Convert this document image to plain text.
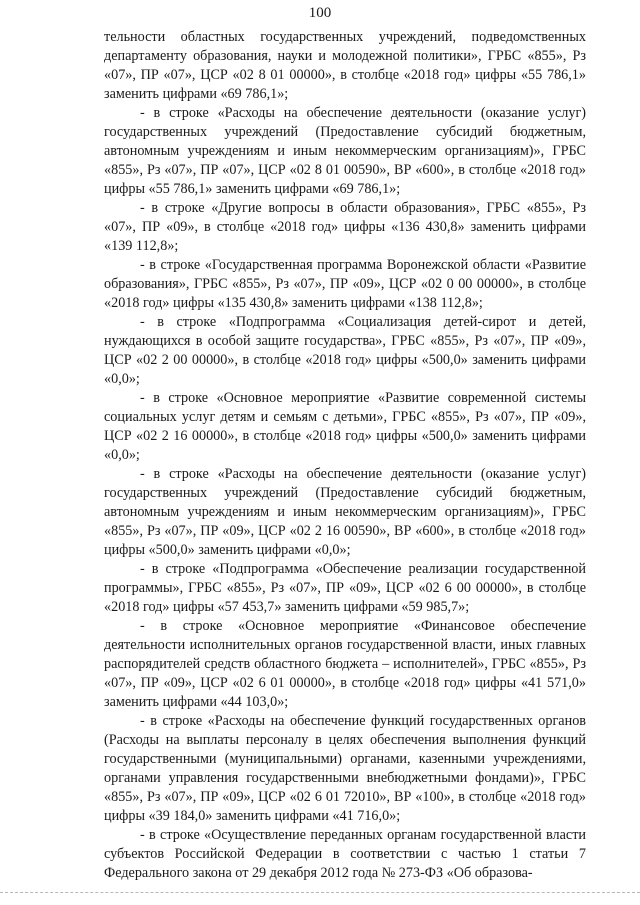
100

тельности областных государственных учреждений, подведомственных департаменту образования, науки и молодежной политики», ГРБС «855», Рз «07», ПР «07», ЦСР «02 8 01 00000», в столбце «2018 год» цифры «55 786,1» заменить цифрами «69 786,1»;

- в строке «Расходы на обеспечение деятельности (оказание услуг) государственных учреждений (Предоставление субсидий бюджетным, автономным учреждениям и иным некоммерческим организациям)», ГРБС «855», Рз «07», ПР «07», ЦСР «02 8 01 00590», ВР «600», в столбце «2018 год» цифры «55 786,1» заменить цифрами «69 786,1»;

- в строке «Другие вопросы в области образования», ГРБС «855», Рз «07», ПР «09», в столбце «2018 год» цифры «136 430,8» заменить цифрами «139 112,8»;

- в строке «Государственная программа Воронежской области «Развитие образования», ГРБС «855», Рз «07», ПР «09», ЦСР «02 0 00 00000», в столбце «2018 год» цифры «135 430,8» заменить цифрами «138 112,8»;

- в строке «Подпрограмма «Социализация детей-сирот и детей, нуждающихся в особой защите государства», ГРБС «855», Рз «07», ПР «09», ЦСР «02 2 00 00000», в столбце «2018 год» цифры «500,0» заменить цифрами «0,0»;

- в строке «Основное мероприятие «Развитие современной системы социальных услуг детям и семьям с детьми», ГРБС «855», Рз «07», ПР «09», ЦСР «02 2 16 00000», в столбце «2018 год» цифры «500,0» заменить цифрами «0,0»;

- в строке «Расходы на обеспечение деятельности (оказание услуг) государственных учреждений (Предоставление субсидий бюджетным, автономным учреждениям и иным некоммерческим организациям)», ГРБС «855», Рз «07», ПР «09», ЦСР «02 2 16 00590», ВР «600», в столбце «2018 год» цифры «500,0» заменить цифрами «0,0»;

- в строке «Подпрограмма «Обеспечение реализации государственной программы», ГРБС «855», Рз «07», ПР «09», ЦСР «02 6 00 00000», в столбце «2018 год» цифры «57 453,7» заменить цифрами «59 985,7»;

- в строке «Основное мероприятие «Финансовое обеспечение деятельности исполнительных органов государственной власти, иных главных распорядителей средств областного бюджета – исполнителей», ГРБС «855», Рз «07», ПР «09», ЦСР «02 6 01 00000», в столбце «2018 год» цифры «41 571,0» заменить цифрами «44 103,0»;

- в строке «Расходы на обеспечение функций государственных органов (Расходы на выплаты персоналу в целях обеспечения выполнения функций государственными (муниципальными) органами, казенными учреждениями, органами управления государственными внебюджетными фондами)», ГРБС «855», Рз «07», ПР «09», ЦСР «02 6 01 72010», ВР «100», в столбце «2018 год» цифры «39 184,0» заменить цифрами «41 716,0»;

- в строке «Осуществление переданных органам государственной власти субъектов Российской Федерации в соответствии с частью 1 статьи 7 Федерального закона от 29 декабря 2012 года № 273-ФЗ «Об образова-
